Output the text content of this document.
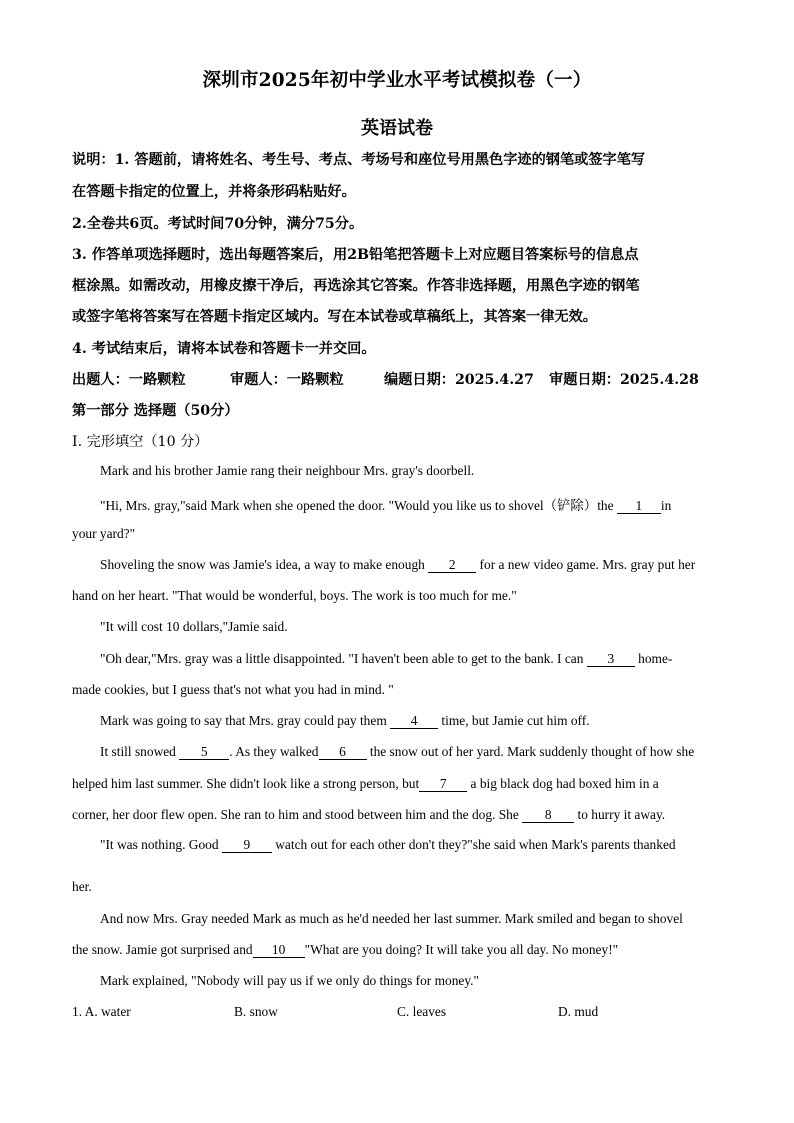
深圳市2025年初中学业水平考试模拟卷（一）
英语试卷
说明：1. 答题前，请将姓名、考生号、考点、考场号和座位号用黑色字迹的钢笔或签字笔写
在答题卡指定的位置上，并将条形码粘贴好。
2.全卷共6页。考试时间70分钟，满分75分。
3. 作答单项选择题时，选出每题答案后，用2B铅笔把答题卡上对应题目答案标号的信息点
框涂黑。如需改动，用橡皮擦干净后，再选涂其它答案。作答非选择题，用黑色字迹的钢笔
或签字笔将答案写在答题卡指定区域内。写在本试卷或草稿纸上，其答案一律无效。
4. 考试结束后，请将本试卷和答题卡一并交回。
出题人：一路颗粒	审题人：一路颗粒	编题日期：2025.4.27 审题日期：2025.4.28
第一部分 选择题（50分）
Ⅰ. 完形填空（10 分）
Mark and his brother Jamie rang their neighbour Mrs. gray's doorbell.
"Hi, Mrs. gray,"said Mark when she opened the door. "Would you like us to shovel（铲除）the 1 in
your yard?"
Shoveling the snow was Jamie's idea, a way to make enough 2 for a new video game. Mrs. gray put her
hand on her heart. "That would be wonderful, boys. The work is too much for me."
"It will cost 10 dollars,"Jamie said.
"Oh dear,"Mrs. gray was a little disappointed. "I haven't been able to get to the bank. I can 3 home-
made cookies, but I guess that's not what you had in mind. "
Mark was going to say that Mrs. gray could pay them 4 time, but Jamie cut him off.
It still snowed 5 . As they walked 6 the snow out of her yard. Mark suddenly thought of how she
helped him last summer. She didn't look like a strong person, but 7 a big black dog had boxed him in a
corner, her door flew open. She ran to him and stood between him and the dog. She 8 to hurry it away.
"It was nothing. Good 9 watch out for each other don't they?"she said when Mark's parents thanked
her.
And now Mrs. Gray needed Mark as much as he'd needed her last summer. Mark smiled and began to shovel
the snow. Jamie got surprised and 10 "What are you doing? It will take you all day. No money!"
Mark explained, "Nobody will pay us if we only do things for money."
1. A. water	B. snow	C. leaves	D. mud
